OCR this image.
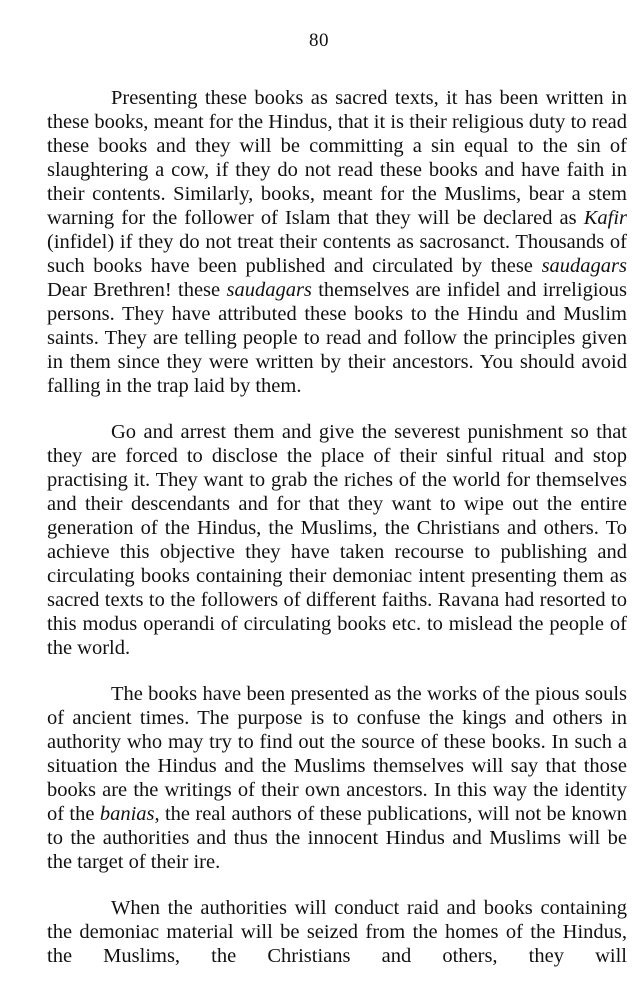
80

Presenting these books as sacred texts, it has been written in these books, meant for the Hindus, that it is their religious duty to read these books and they will be committing a sin equal to the sin of slaughtering a cow, if they do not read these books and have faith in their contents. Similarly, books, meant for the Muslims, bear a stem warning for the follower of Islam that they will be declared as Kafir (infidel) if they do not treat their contents as sacrosanct. Thousands of such books have been published and circulated by these saudagars Dear Brethren! these saudagars themselves are infidel and irreligious persons. They have attributed these books to the Hindu and Muslim saints. They are telling people to read and follow the principles given in them since they were written by their ancestors. You should avoid falling in the trap laid by them.

Go and arrest them and give the severest punishment so that they are forced to disclose the place of their sinful ritual and stop practising it. They want to grab the riches of the world for themselves and their descendants and for that they want to wipe out the entire generation of the Hindus, the Muslims, the Christians and others. To achieve this objective they have taken recourse to publishing and circulating books containing their demoniac intent presenting them as sacred texts to the followers of different faiths. Ravana had resorted to this modus operandi of circulating books etc. to mislead the people of the world.

The books have been presented as the works of the pious souls of ancient times. The purpose is to confuse the kings and others in authority who may try to find out the source of these books. In such a situation the Hindus and the Muslims themselves will say that those books are the writings of their own ancestors. In this way the identity of the banias, the real authors of these publications, will not be known to the authorities and thus the innocent Hindus and Muslims will be the target of their ire.

When the authorities will conduct raid and books containing the demoniac material will be seized from the homes of the Hindus, the Muslims, the Christians and others, they will
